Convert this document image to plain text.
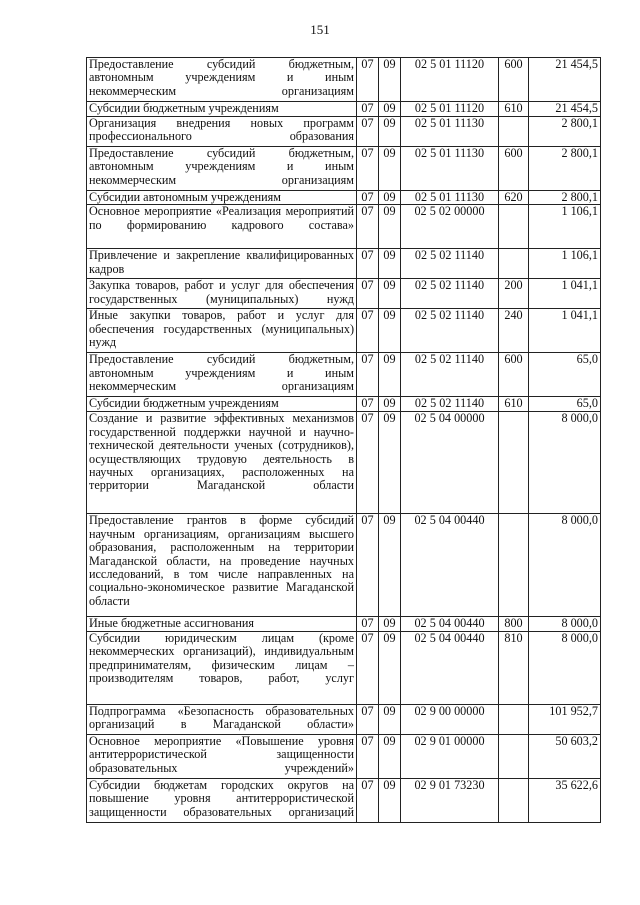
151
Предоставление субсидий бюджетным, автономным учреждениям и иным некоммерческим организациям	07	09	02 5 01 11120	600	21 454,5
Субсидии бюджетным учреждениям	07	09	02 5 01 11120	610	21 454,5
Организация внедрения новых программ профессионального образования	07	09	02 5 01 11130		2 800,1
Предоставление субсидий бюджетным, автономным учреждениям и иным некоммерческим организациям	07	09	02 5 01 11130	600	2 800,1
Субсидии автономным учреждениям	07	09	02 5 01 11130	620	2 800,1
Основное мероприятие «Реализация мероприятий по формированию кадрового состава»	07	09	02 5 02 00000		1 106,1
Привлечение и закрепление квалифицированных кадров	07	09	02 5 02 11140		1 106,1
Закупка товаров, работ и услуг для обеспечения государственных (муниципальных) нужд	07	09	02 5 02 11140	200	1 041,1
Иные закупки товаров, работ и услуг для обеспечения государственных (муниципальных) нужд	07	09	02 5 02 11140	240	1 041,1
Предоставление субсидий бюджетным, автономным учреждениям и иным некоммерческим организациям	07	09	02 5 02 11140	600	65,0
Субсидии бюджетным учреждениям	07	09	02 5 02 11140	610	65,0
Создание и развитие эффективных механизмов государственной поддержки научной и научно-технической деятельности ученых (сотрудников), осуществляющих трудовую деятельность в научных организациях, расположенных на территории Магаданской области	07	09	02 5 04 00000		8 000,0
Предоставление грантов в форме субсидий научным организациям, организациям высшего образования, расположенным на территории Магаданской области, на проведение научных исследований, в том числе направленных на социально-экономическое развитие Магаданской области	07	09	02 5 04 00440		8 000,0
Иные бюджетные ассигнования	07	09	02 5 04 00440	800	8 000,0
Субсидии юридическим лицам (кроме некоммерческих организаций), индивидуальным предпринимателям, физическим лицам – производителям товаров, работ, услуг	07	09	02 5 04 00440	810	8 000,0
Подпрограмма «Безопасность образовательных организаций в Магаданской области»	07	09	02 9 00 00000		101 952,7
Основное мероприятие «Повышение уровня антитеррористической защищенности образовательных учреждений»	07	09	02 9 01 00000		50 603,2
Субсидии бюджетам городских округов на повышение уровня антитеррористической защищенности образовательных организаций	07	09	02 9 01 73230		35 622,6
